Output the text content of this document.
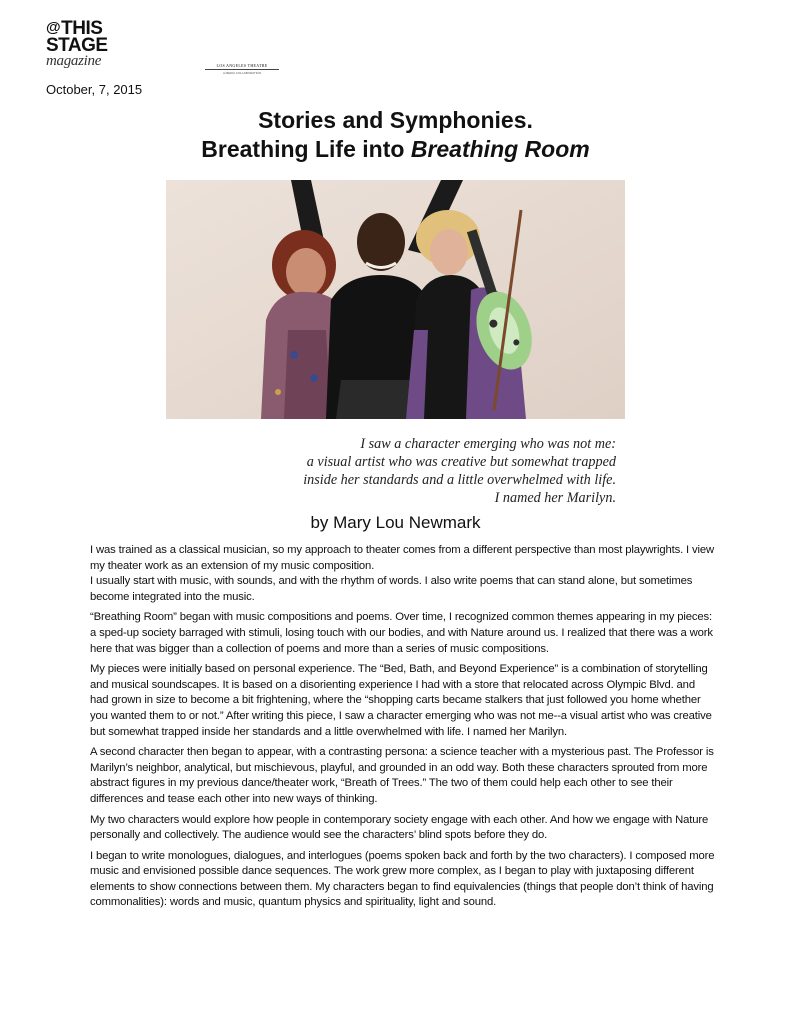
@THIS
STAGE
magazine	LOS ANGELES THEATRE
A MEDIA COLLABORATION
October, 7, 2015
Stories and Symphonies.
Breathing Life into Breathing Room
I saw a character emerging who was not me:
a visual artist who was creative but somewhat trapped
inside her standards and a little overwhelmed with life.
I named her Marilyn.
by Mary Lou Newmark

I was trained as a classical musician, so my approach to theater comes from a different perspective than most playwrights. I view my theater work as an extension of my music composition.

I usually start with music, with sounds, and with the rhythm of words. I also write poems that can stand alone, but sometimes become integrated into the music.

“Breathing Room” began with music compositions and poems. Over time, I recognized common themes appearing in my pieces: a sped-up society barraged with stimuli, losing touch with our bodies, and with Nature around us. I realized that there was a work here that was bigger than a collection of poems and more than a series of music compositions.

My pieces were initially based on personal experience. The “Bed, Bath, and Beyond Experience” is a combination of storytelling and musical soundscapes. It is based on a disorienting experience I had with a store that relocated across Olympic Blvd. and had grown in size to become a bit frightening, where the “shopping carts became stalkers that just followed you home whether you wanted them to or not.” After writing this piece, I saw a character emerging who was not me--a visual artist who was creative but somewhat trapped inside her standards and a little overwhelmed with life. I named her Marilyn.

A second character then began to appear, with a contrasting persona: a science teacher with a mysterious past. The Professor is Marilyn’s neighbor, analytical, but mischievous, playful, and grounded in an odd way. Both these characters sprouted from more abstract figures in my previous dance/theater work, “Breath of Trees.” The two of them could help each other to see their differences and tease each other into new ways of thinking.

My two characters would explore how people in contemporary society engage with each other. And how we engage with Nature personally and collectively. The audience would see the characters’ blind spots before they do.

I began to write monologues, dialogues, and interlogues (poems spoken back and forth by the two characters). I composed more music and envisioned possible dance sequences. The work grew more complex, as I began to play with juxtaposing different elements to show connections between them. My characters began to find equivalencies (things that people don’t think of having commonalities): words and music, quantum physics and spirituality, light and sound.
